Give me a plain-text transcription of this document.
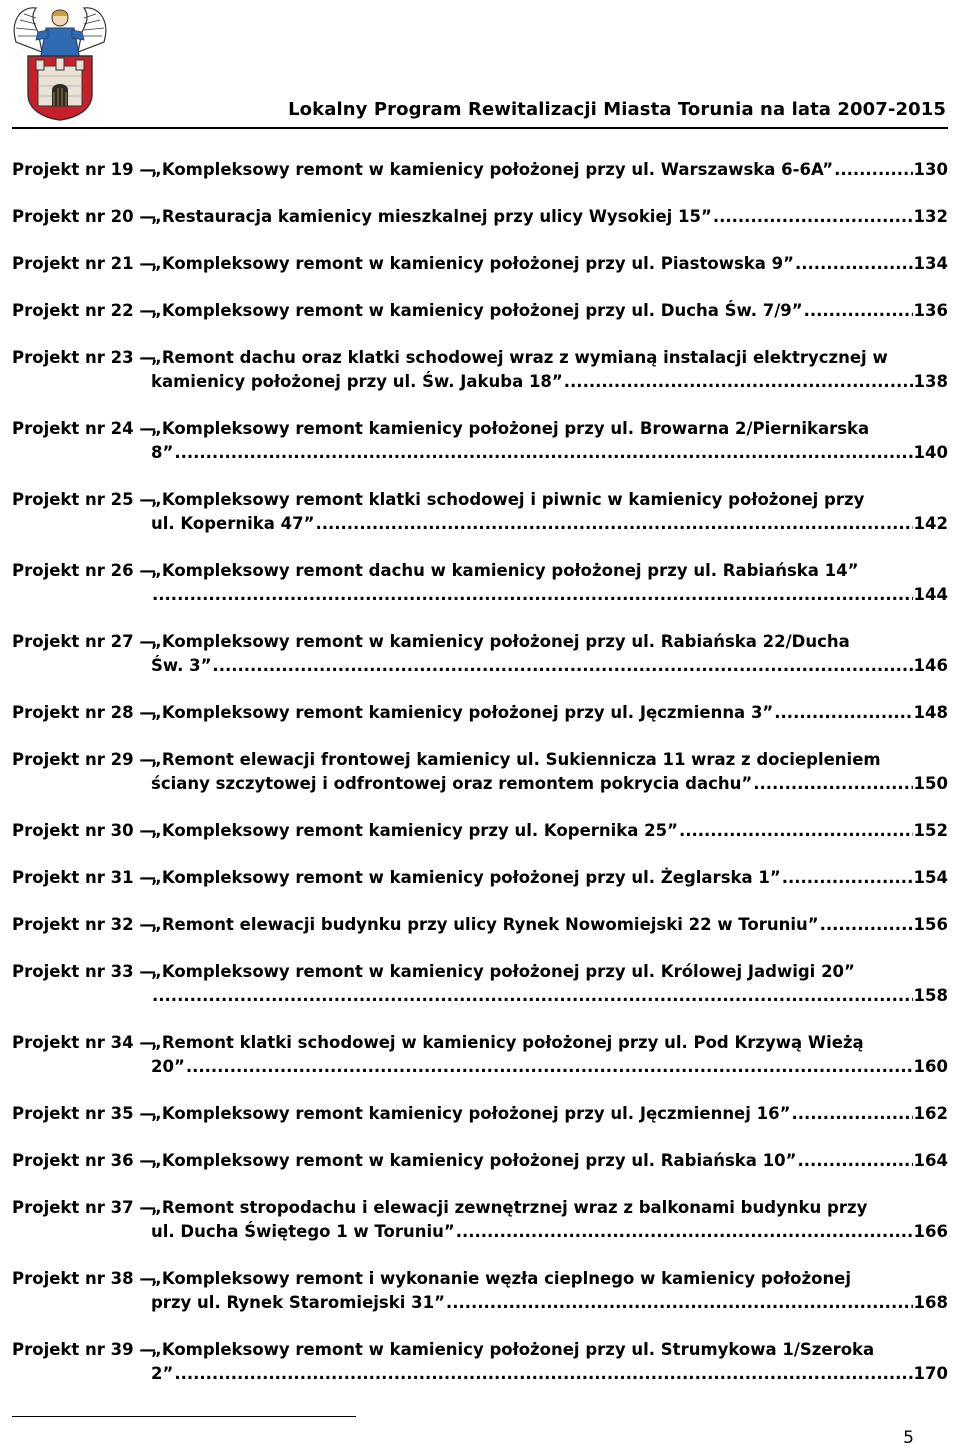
Lokalny Program Rewitalizacji Miasta Torunia na lata 2007-2015
Projekt nr 19 —
„Kompleksowy remont w kamienicy położonej przy ul. Warszawska 6-6A” .....	130
Projekt nr 20 —
„Restauracja kamienicy mieszkalnej przy ulicy Wysokiej 15” .....	132
Projekt nr 21 —
„Kompleksowy remont w kamienicy położonej przy ul. Piastowska 9” .....	134
Projekt nr 22 —
„Kompleksowy remont w kamienicy położonej przy ul. Ducha Św. 7/9” .....	136
Projekt nr 23 —
„Remont dachu oraz klatki schodowej wraz z wymianą instalacji elektrycznej w
kamienicy położonej przy ul. Św. Jakuba 18” .....	138
Projekt nr 24 —
„Kompleksowy remont kamienicy położonej przy ul. Browarna 2/Piernikarska
8” .....	140
Projekt nr 25 —
„Kompleksowy remont klatki schodowej i piwnic w kamienicy położonej przy
ul. Kopernika 47” .....	142
Projekt nr 26 —
„Kompleksowy remont dachu w kamienicy położonej przy ul. Rabiańska 14”
.....
144
Projekt nr 27 —
„Kompleksowy remont w kamienicy położonej przy ul. Rabiańska 22/Ducha
Św. 3” .....	146
Projekt nr 28 —
„Kompleksowy remont kamienicy położonej przy ul. Jęczmienna 3” .....	148
Projekt nr 29 —
„Remont elewacji frontowej kamienicy ul. Sukiennicza 11 wraz z dociepleniem
ściany szczytowej i odfrontowej oraz remontem pokrycia dachu” .....	150
Projekt nr 30 —
„Kompleksowy remont kamienicy przy ul. Kopernika 25” .....	152
Projekt nr 31 —
„Kompleksowy remont w kamienicy położonej przy ul. Żeglarska 1” .....	154
Projekt nr 32 —
„Remont elewacji budynku przy ulicy Rynek Nowomiejski 22 w Toruniu” .....	156
Projekt nr 33 —
„Kompleksowy remont w kamienicy położonej przy ul. Królowej Jadwigi 20”
.....
158
Projekt nr 34 —
„Remont klatki schodowej w kamienicy położonej przy ul. Pod Krzywą Wieżą
20” .....	160
Projekt nr 35 —
„Kompleksowy remont kamienicy położonej przy ul. Jęczmiennej 16” .....	162
Projekt nr 36 —
„Kompleksowy remont w kamienicy położonej przy ul. Rabiańska 10” .....	164
Projekt nr 37 —
„Remont stropodachu i elewacji zewnętrznej wraz z balkonami budynku przy
ul. Ducha Świętego 1 w Toruniu” .....	166
Projekt nr 38 —
„Kompleksowy remont i wykonanie węzła cieplnego w kamienicy położonej
przy ul. Rynek Staromiejski 31” .....	168
Projekt nr 39 —
„Kompleksowy remont w kamienicy położonej przy ul. Strumykowa 1/Szeroka
2” .....	170
5
